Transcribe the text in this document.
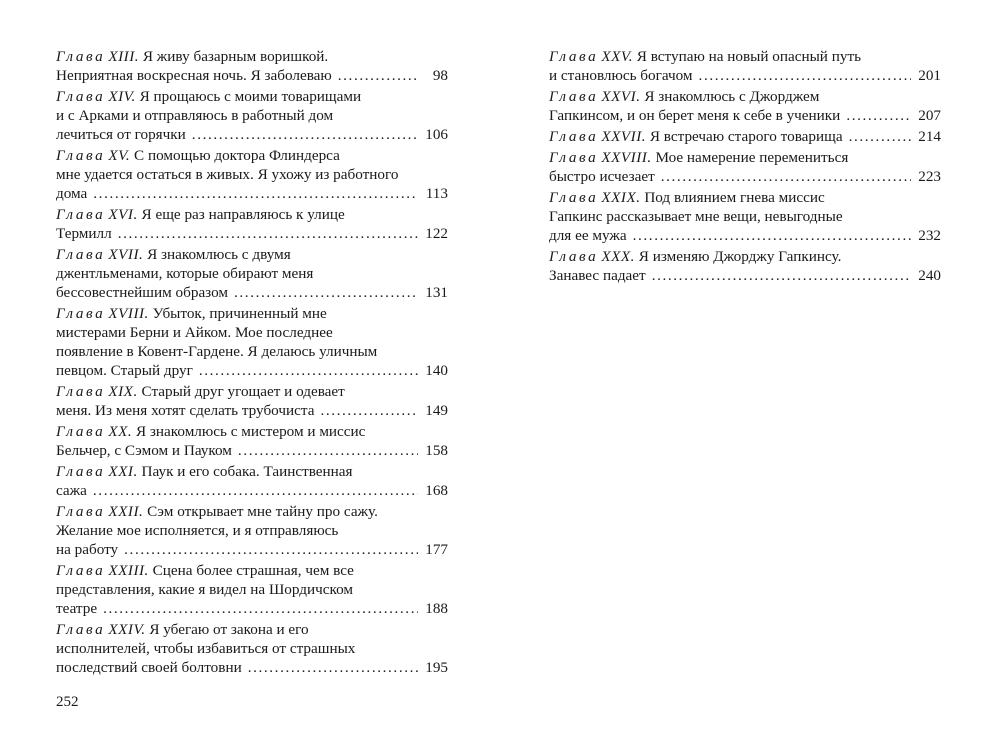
Глава XIII. Я живу базарным воришкой.
Неприятная воскресная ночь. Я заболеваю .....	98
Глава XIV. Я прощаюсь с моими товарищами
и с Арками и отправляюсь в работный дом
лечиться от горячки .....	106
Глава XV. С помощью доктора Флиндерса
мне удается остаться в живых. Я ухожу из работного
дома .....	113
Глава XVI. Я еще раз направляюсь к улице
Термилл .....	122
Глава XVII. Я знакомлюсь с двумя
джентльменами, которые обирают меня
бессовестнейшим образом .....	131
Глава XVIII. Убыток, причиненный мне
мистерами Берни и Айком. Мое последнее
появление в Ковент-Гардене. Я делаюсь уличным
певцом. Старый друг .....	140
Глава XIX. Старый друг угощает и одевает
меня. Из меня хотят сделать трубочиста .....	149
Глава XX. Я знакомлюсь с мистером и миссис
Бельчер, с Сэмом и Пауком .....	158
Глава XXI. Паук и его собака. Таинственная
сажа .....	168
Глава XXII. Сэм открывает мне тайну про сажу.
Желание мое исполняется, и я отправляюсь
на работу .....	177
Глава XXIII. Сцена более страшная, чем все
представления, какие я видел на Шордичском
театре .....	188
Глава XXIV. Я убегаю от закона и его
исполнителей, чтобы избавиться от страшных
последствий своей болтовни .....	195
Глава XXV. Я вступаю на новый опасный путь
и становлюсь богачом .....	201
Глава XXVI. Я знакомлюсь с Джорджем
Гапкинсом, и он берет меня к себе в ученики .....	207
Глава XXVII. Я встречаю старого товарища .....	214
Глава XXVIII. Мое намерение перемениться
быстро исчезает .....	223
Глава XXIX. Под влиянием гнева миссис
Гапкинс рассказывает мне вещи, невыгодные
для ее мужа .....	232
Глава XXX. Я изменяю Джорджу Гапкинсу.
Занавес падает .....	240
252
